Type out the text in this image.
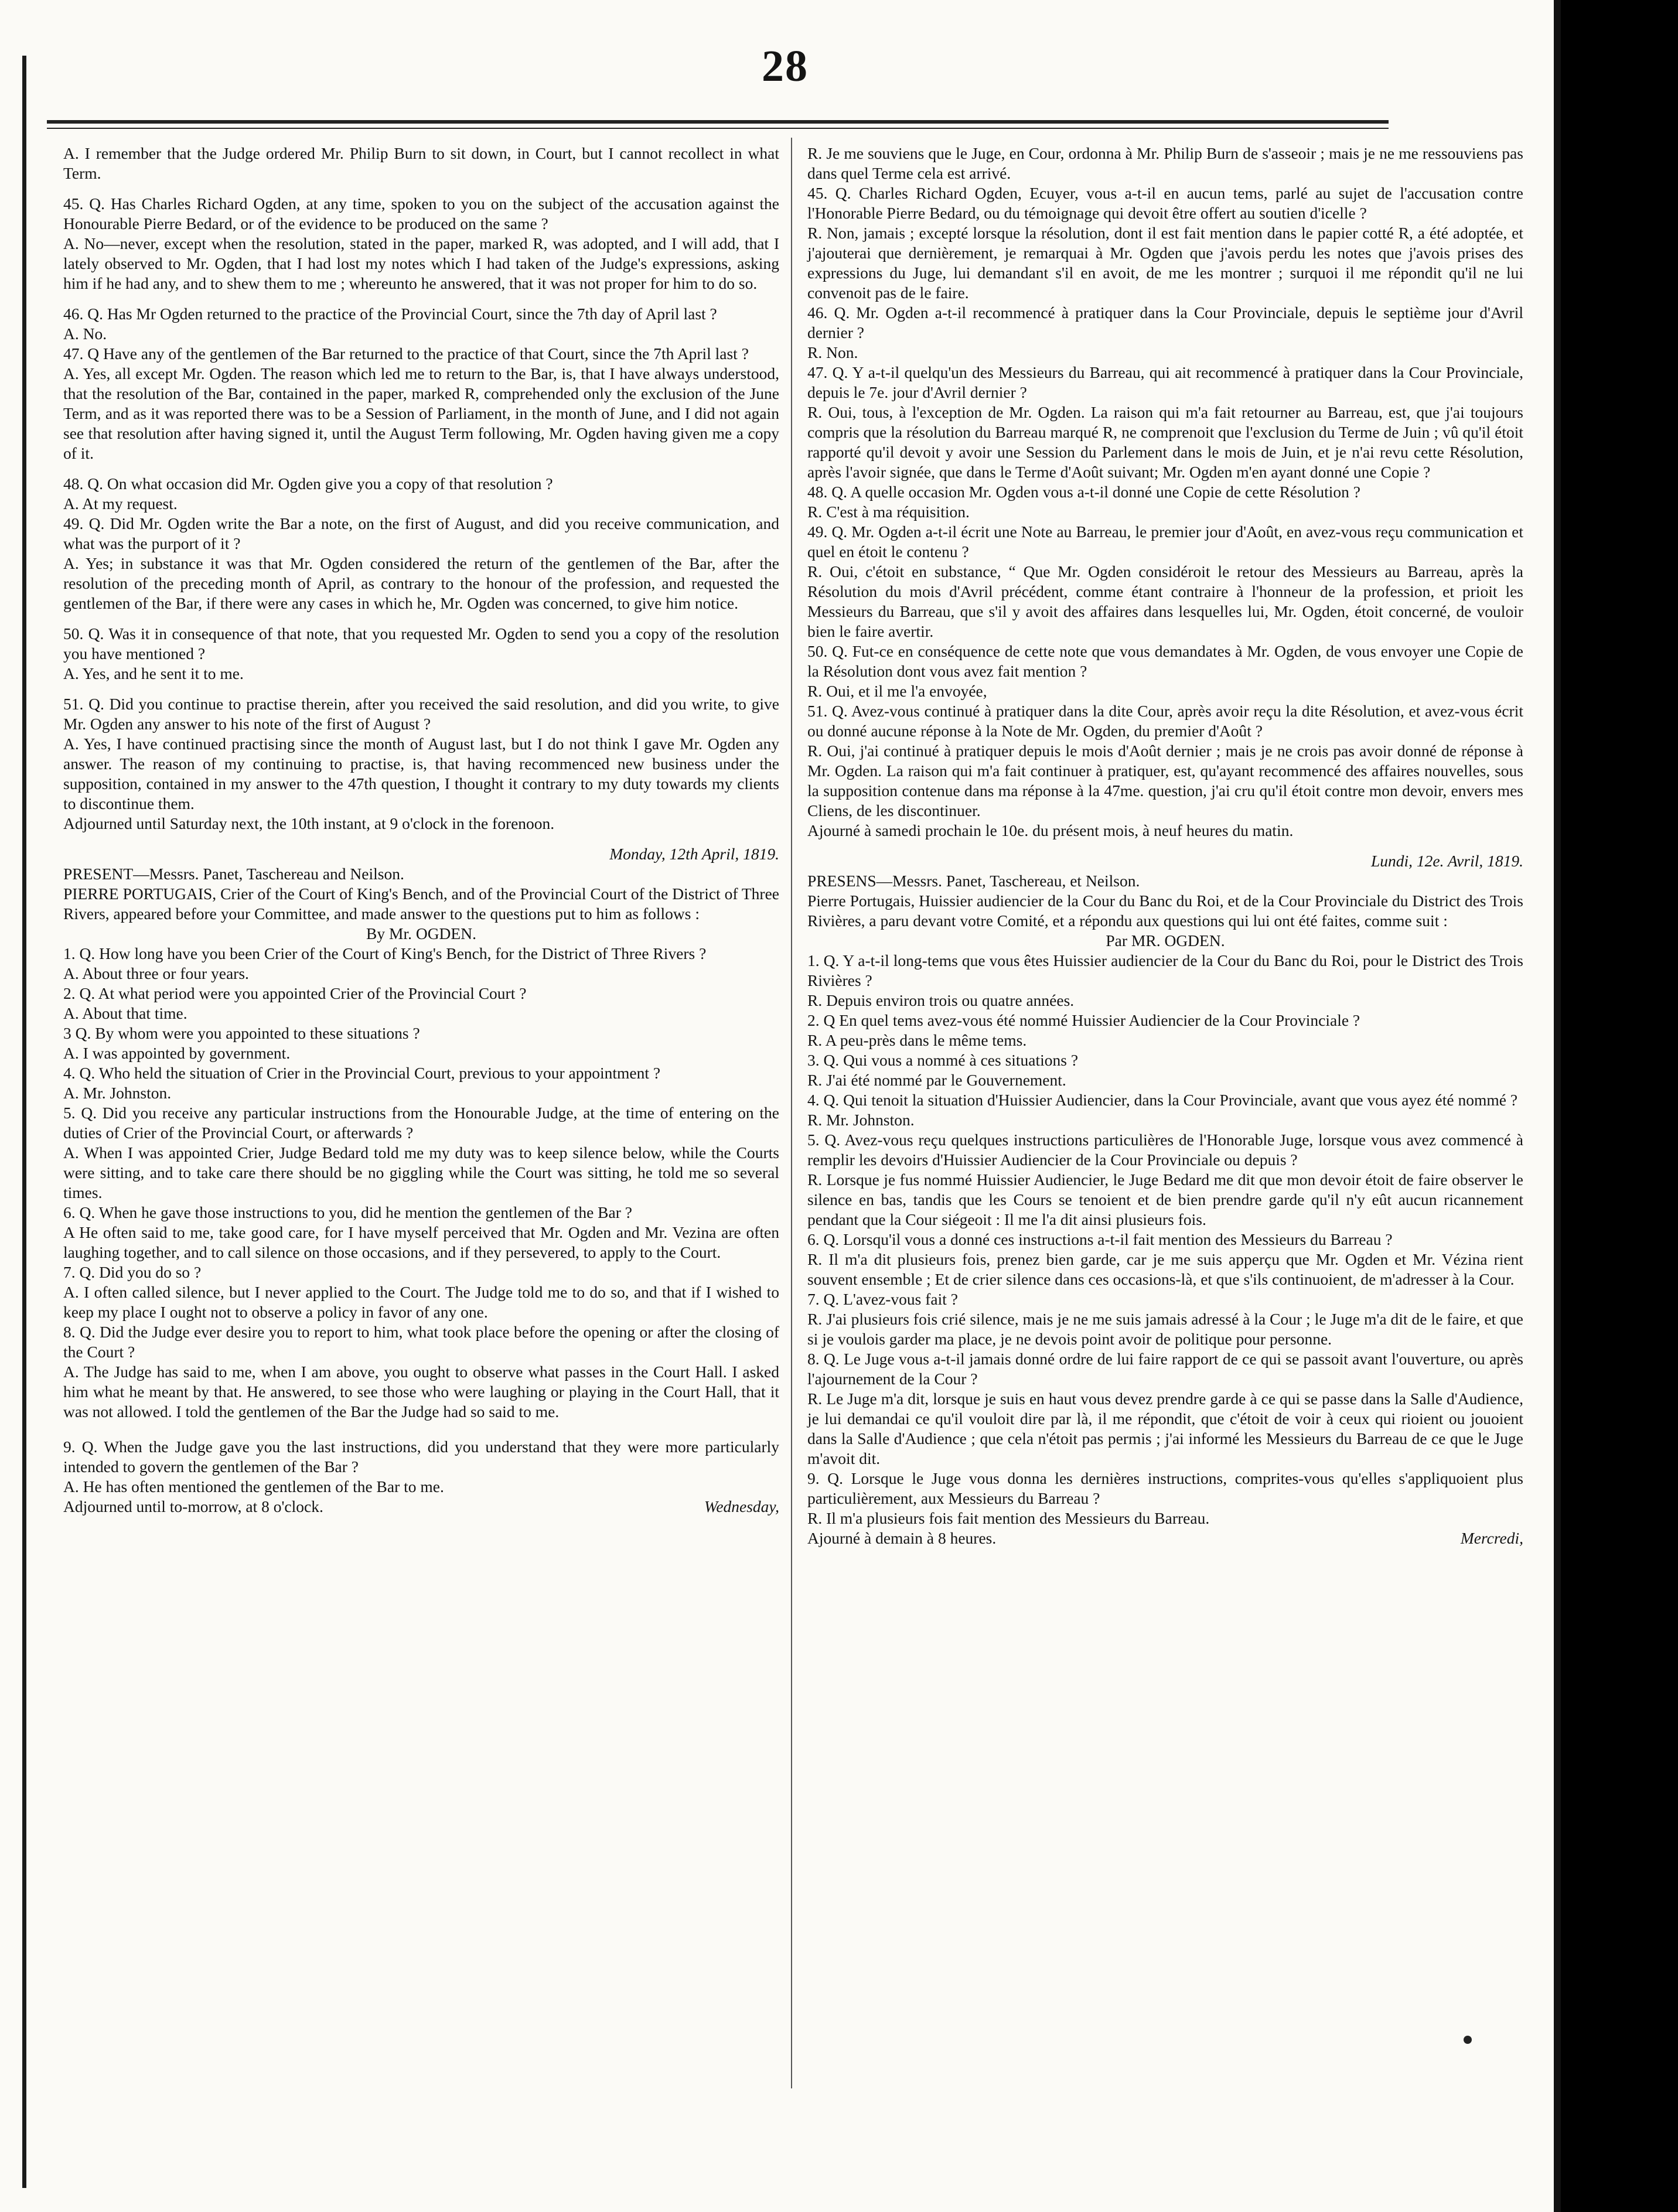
28

A. I remember that the Judge ordered Mr. Philip Burn to sit down, in Court, but I cannot recollect in what Term.

45. Q. Has Charles Richard Ogden, at any time, spoken to you on the subject of the accusation against the Honourable Pierre Bedard, or of the evidence to be produced on the same ?

A. No—never, except when the resolution, stated in the paper, marked R, was adopted, and I will add, that I lately observed to Mr. Ogden, that I had lost my notes which I had taken of the Judge's expressions, asking him if he had any, and to shew them to me ; whereunto he answered, that it was not proper for him to do so.

46. Q. Has Mr Ogden returned to the practice of the Provincial Court, since the 7th day of April last ?

A. No.

47. Q Have any of the gentlemen of the Bar returned to the practice of that Court, since the 7th April last ?

A. Yes, all except Mr. Ogden. The reason which led me to return to the Bar, is, that I have always understood, that the resolution of the Bar, contained in the paper, marked R, comprehended only the exclusion of the June Term, and as it was reported there was to be a Session of Parliament, in the month of June, and I did not again see that resolution after having signed it, until the August Term following, Mr. Ogden having given me a copy of it.

48. Q. On what occasion did Mr. Ogden give you a copy of that resolution ?

A. At my request.

49. Q. Did Mr. Ogden write the Bar a note, on the first of August, and did you receive communication, and what was the purport of it ?

A. Yes; in substance it was that Mr. Ogden considered the return of the gentlemen of the Bar, after the resolution of the preceding month of April, as contrary to the honour of the profession, and requested the gentlemen of the Bar, if there were any cases in which he, Mr. Ogden was concerned, to give him notice.

50. Q. Was it in consequence of that note, that you requested Mr. Ogden to send you a copy of the resolution you have mentioned ?

A. Yes, and he sent it to me.

51. Q. Did you continue to practise therein, after you received the said resolution, and did you write, to give Mr. Ogden any answer to his note of the first of August ?

A. Yes, I have continued practising since the month of August last, but I do not think I gave Mr. Ogden any answer. The reason of my continuing to practise, is, that having recommenced new business under the supposition, contained in my answer to the 47th question, I thought it contrary to my duty towards my clients to discontinue them.

Adjourned until Saturday next, the 10th instant, at 9 o'clock in the forenoon.

Monday, 12th April, 1819.

PRESENT—Messrs. Panet, Taschereau and Neilson.

PIERRE PORTUGAIS, Crier of the Court of King's Bench, and of the Provincial Court of the District of Three Rivers, appeared before your Committee, and made answer to the questions put to him as follows :

By Mr. OGDEN.

1. Q. How long have you been Crier of the Court of King's Bench, for the District of Three Rivers ?

A. About three or four years.

2. Q. At what period were you appointed Crier of the Provincial Court ?

A. About that time.

3 Q. By whom were you appointed to these situations ?

A. I was appointed by government.

4. Q. Who held the situation of Crier in the Provincial Court, previous to your appointment ?

A. Mr. Johnston.

5. Q. Did you receive any particular instructions from the Honourable Judge, at the time of entering on the duties of Crier of the Provincial Court, or afterwards ?

A. When I was appointed Crier, Judge Bedard told me my duty was to keep silence below, while the Courts were sitting, and to take care there should be no giggling while the Court was sitting, he told me so several times.

6. Q. When he gave those instructions to you, did he mention the gentlemen of the Bar ?

A He often said to me, take good care, for I have myself perceived that Mr. Ogden and Mr. Vezina are often laughing together, and to call silence on those occasions, and if they persevered, to apply to the Court.

7. Q. Did you do so ?

A. I often called silence, but I never applied to the Court. The Judge told me to do so, and that if I wished to keep my place I ought not to observe a policy in favor of any one.

8. Q. Did the Judge ever desire you to report to him, what took place before the opening or after the closing of the Court ?

A. The Judge has said to me, when I am above, you ought to observe what passes in the Court Hall. I asked him what he meant by that. He answered, to see those who were laughing or playing in the Court Hall, that it was not allowed. I told the gentlemen of the Bar the Judge had so said to me.

9. Q. When the Judge gave you the last instructions, did you understand that they were more particularly intended to govern the gentlemen of the Bar ?

A. He has often mentioned the gentlemen of the Bar to me.

Adjourned until to-morrow, at 8 o'clock.	Wednesday,

R. Je me souviens que le Juge, en Cour, ordonna à Mr. Philip Burn de s'asseoir ; mais je ne me ressouviens pas dans quel Terme cela est arrivé.

45. Q. Charles Richard Ogden, Ecuyer, vous a-t-il en aucun tems, parlé au sujet de l'accusation contre l'Honorable Pierre Bedard, ou du témoignage qui devoit être offert au soutien d'icelle ?

R. Non, jamais ; excepté lorsque la résolution, dont il est fait mention dans le papier cotté R, a été adoptée, et j'ajouterai que dernièrement, je remarquai à Mr. Ogden que j'avois perdu les notes que j'avois prises des expressions du Juge, lui demandant s'il en avoit, de me les montrer ; surquoi il me répondit qu'il ne lui convenoit pas de le faire.

46. Q. Mr. Ogden a-t-il recommencé à pratiquer dans la Cour Provinciale, depuis le septième jour d'Avril dernier ?

R. Non.

47. Q. Y a-t-il quelqu'un des Messieurs du Barreau, qui ait recommencé à pratiquer dans la Cour Provinciale, depuis le 7e. jour d'Avril dernier ?

R. Oui, tous, à l'exception de Mr. Ogden. La raison qui m'a fait retourner au Barreau, est, que j'ai toujours compris que la résolution du Barreau marqué R, ne comprenoit que l'exclusion du Terme de Juin ; vû qu'il étoit rapporté qu'il devoit y avoir une Session du Parlement dans le mois de Juin, et je n'ai revu cette Résolution, après l'avoir signée, que dans le Terme d'Août suivant; Mr. Ogden m'en ayant donné une Copie ?

48. Q. A quelle occasion Mr. Ogden vous a-t-il donné une Copie de cette Résolution ?

R. C'est à ma réquisition.

49. Q. Mr. Ogden a-t-il écrit une Note au Barreau, le premier jour d'Août, en avez-vous reçu communication et quel en étoit le contenu ?

R. Oui, c'étoit en substance, “ Que Mr. Ogden considéroit le retour des Messieurs au Barreau, après la Résolution du mois d'Avril précédent, comme étant contraire à l'honneur de la profession, et prioit les Messieurs du Barreau, que s'il y avoit des affaires dans lesquelles lui, Mr. Ogden, étoit concerné, de vouloir bien le faire avertir.

50. Q. Fut-ce en conséquence de cette note que vous demandates à Mr. Ogden, de vous envoyer une Copie de la Résolution dont vous avez fait mention ?

R. Oui, et il me l'a envoyée,

51. Q. Avez-vous continué à pratiquer dans la dite Cour, après avoir reçu la dite Résolution, et avez-vous écrit ou donné aucune réponse à la Note de Mr. Ogden, du premier d'Août ?

R. Oui, j'ai continué à pratiquer depuis le mois d'Août dernier ; mais je ne crois pas avoir donné de réponse à Mr. Ogden. La raison qui m'a fait continuer à pratiquer, est, qu'ayant recommencé des affaires nouvelles, sous la supposition contenue dans ma réponse à la 47me. question, j'ai cru qu'il étoit contre mon devoir, envers mes Cliens, de les discontinuer.

Ajourné à samedi prochain le 10e. du présent mois, à neuf heures du matin.

Lundi, 12e. Avril, 1819.

PRESENS—Messrs. Panet, Taschereau, et Neilson.

Pierre Portugais, Huissier audiencier de la Cour du Banc du Roi, et de la Cour Provinciale du District des Trois Rivières, a paru devant votre Comité, et a répondu aux questions qui lui ont été faites, comme suit :

Par MR. OGDEN.

1. Q. Y a-t-il long-tems que vous êtes Huissier audiencier de la Cour du Banc du Roi, pour le District des Trois Rivières ?

R. Depuis environ trois ou quatre années.

2. Q En quel tems avez-vous été nommé Huissier Audiencier de la Cour Provinciale ?

R. A peu-près dans le même tems.

3. Q. Qui vous a nommé à ces situations ?

R. J'ai été nommé par le Gouvernement.

4. Q. Qui tenoit la situation d'Huissier Audiencier, dans la Cour Provinciale, avant que vous ayez été nommé ?

R. Mr. Johnston.

5. Q. Avez-vous reçu quelques instructions particulières de l'Honorable Juge, lorsque vous avez commencé à remplir les devoirs d'Huissier Audiencier de la Cour Provinciale ou depuis ?

R. Lorsque je fus nommé Huissier Audiencier, le Juge Bedard me dit que mon devoir étoit de faire observer le silence en bas, tandis que les Cours se tenoient et de bien prendre garde qu'il n'y eût aucun ricannement pendant que la Cour siégeoit : Il me l'a dit ainsi plusieurs fois.

6. Q. Lorsqu'il vous a donné ces instructions a-t-il fait mention des Messieurs du Barreau ?

R. Il m'a dit plusieurs fois, prenez bien garde, car je me suis apperçu que Mr. Ogden et Mr. Vézina rient souvent ensemble ; Et de crier silence dans ces occasions-là, et que s'ils continuoient, de m'adresser à la Cour.

7. Q. L'avez-vous fait ?

R. J'ai plusieurs fois crié silence, mais je ne me suis jamais adressé à la Cour ; le Juge m'a dit de le faire, et que si je voulois garder ma place, je ne devois point avoir de politique pour personne.

8. Q. Le Juge vous a-t-il jamais donné ordre de lui faire rapport de ce qui se passoit avant l'ouverture, ou après l'ajournement de la Cour ?

R. Le Juge m'a dit, lorsque je suis en haut vous devez prendre garde à ce qui se passe dans la Salle d'Audience, je lui demandai ce qu'il vouloit dire par là, il me répondit, que c'étoit de voir à ceux qui rioient ou jouoient dans la Salle d'Audience ; que cela n'étoit pas permis ; j'ai informé les Messieurs du Barreau de ce que le Juge m'avoit dit.

9. Q. Lorsque le Juge vous donna les dernières instructions, comprites-vous qu'elles s'appliquoient plus particulièrement, aux Messieurs du Barreau ?

R. Il m'a plusieurs fois fait mention des Messieurs du Barreau.

Ajourné à demain à 8 heures.	Mercredi,
